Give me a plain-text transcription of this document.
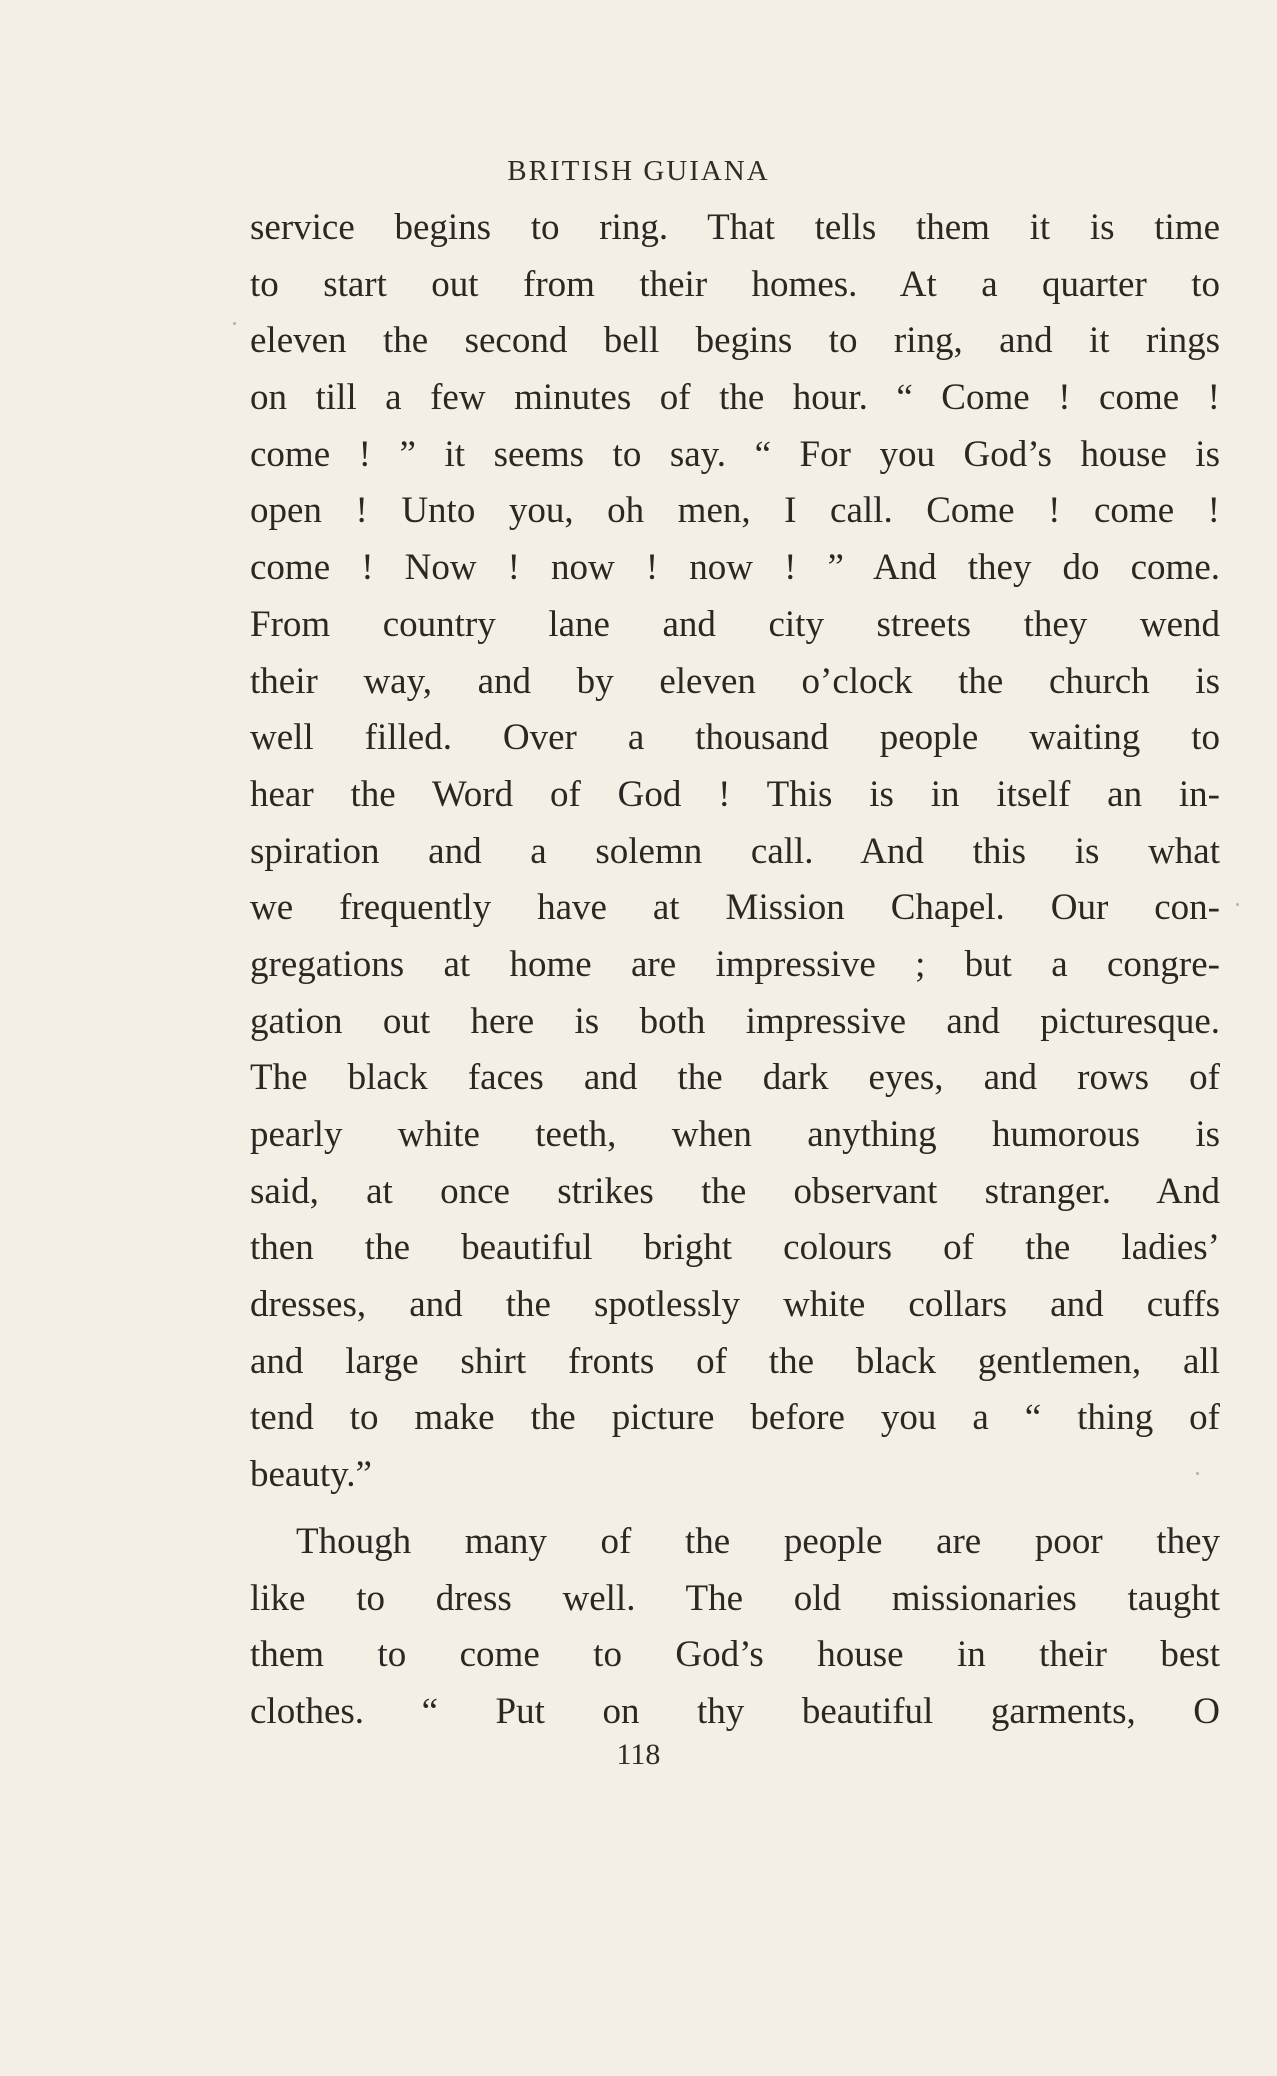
BRITISH GUIANA
service begins to ring. That tells them it is time
to start out from their homes. At a quarter to
eleven the second bell begins to ring, and it rings
on till a few minutes of the hour. “ Come ! come !
come ! ” it seems to say. “ For you God’s house is
open ! Unto you, oh men, I call. Come ! come !
come ! Now ! now ! now ! ” And they do come.
From country lane and city streets they wend
their way, and by eleven o’clock the church is
well filled. Over a thousand people waiting to
hear the Word of God ! This is in itself an in-
spiration and a solemn call. And this is what
we frequently have at Mission Chapel. Our con-
gregations at home are impressive ; but a congre-
gation out here is both impressive and picturesque.
The black faces and the dark eyes, and rows of
pearly white teeth, when anything humorous is
said, at once strikes the observant stranger. And
then the beautiful bright colours of the ladies’
dresses, and the spotlessly white collars and cuffs
and large shirt fronts of the black gentlemen, all
tend to make the picture before you a “ thing of
beauty.”
Though many of the people are poor they
like to dress well. The old missionaries taught
them to come to God’s house in their best
clothes. “ Put on thy beautiful garments, O
118
